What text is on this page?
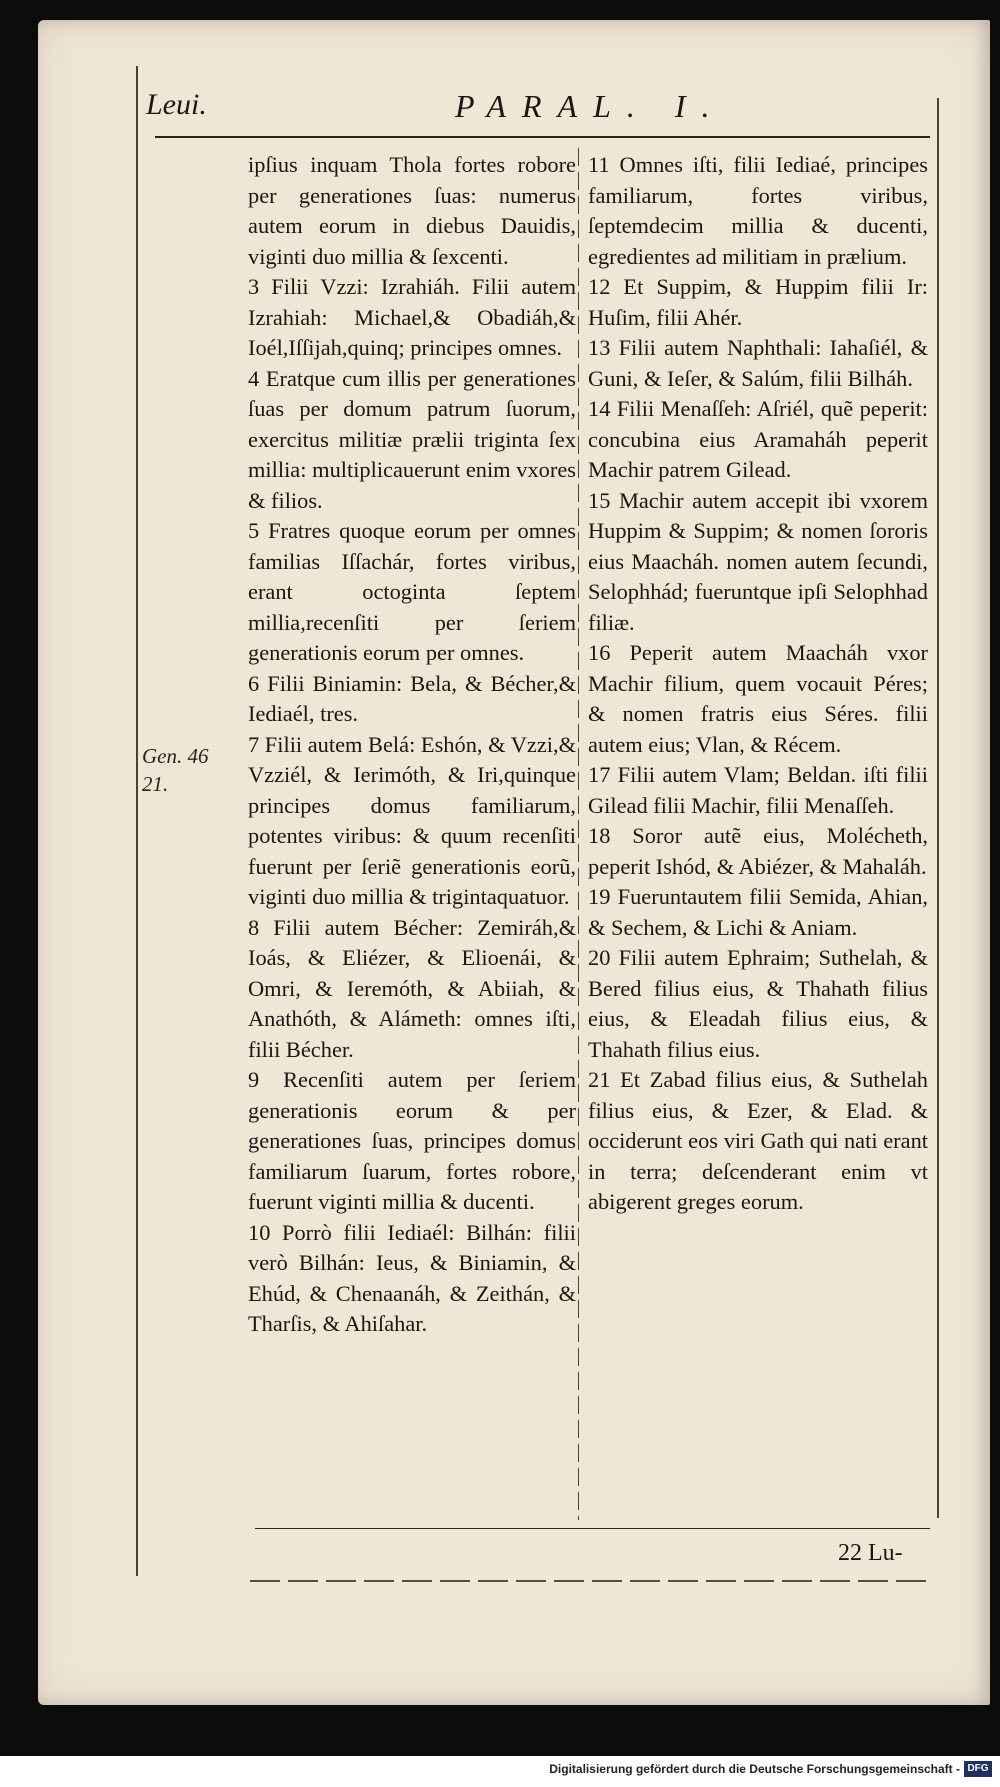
Leui.	PARAL. I.
Gen. 46
21.

ipſius inquam Thola fortes robore per generationes ſuas: numerus autem eorum in diebus Dauidis, viginti duo millia & ſexcenti.

3 Filii Vzzi: Izrahiáh. Filii autem Izrahiah: Michael,& Obadiáh,& Ioél,Iſſijah,quinq; principes omnes.

4 Eratque cum illis per generationes ſuas per domum patrum ſuorum, exercitus militiæ prælii triginta ſex millia: multiplicauerunt enim vxores & filios.

5 Fratres quoque eorum per omnes familias Iſſachár, fortes viribus, erant octoginta ſeptem millia,recenſiti per ſeriem generationis eorum per omnes.

6 Filii Biniamin: Bela, & Bécher,& Iediaél, tres.

7 Filii autem Belá: Eshón, & Vzzi,& Vzziél, & Ierimóth, & Iri,quinque principes domus familiarum, potentes viribus: & quum recenſiti fuerunt per ſeriẽ generationis eorũ, viginti duo millia & trigintaquatuor.

8 Filii autem Bécher: Zemiráh,& Ioás, & Eliézer, & Elioenái, & Omri, & Ieremóth, & Abiiah, & Anathóth, & Alámeth: omnes iſti, filii Bécher.

9 Recenſiti autem per ſeriem generationis eorum & per generationes ſuas, principes domus familiarum ſuarum, fortes robore, fuerunt viginti millia & ducenti.

10 Porrò filii Iediaél: Bilhán: filii verò Bilhán: Ieus, & Biniamin, & Ehúd, & Chenaanáh, & Zeithán, & Tharſis, & Ahiſahar.

11 Omnes iſti, filii Iediaé, principes familiarum, fortes viribus, ſeptemdecim millia & ducenti, egredientes ad militiam in prælium.

12 Et Suppim, & Huppim filii Ir: Huſim, filii Ahér.

13 Filii autem Naphthali: Iahaſiél, & Guni, & Ieſer, & Salúm, filii Bilháh.

14 Filii Menaſſeh: Aſriél, quẽ peperit: concubina eius Aramaháh peperit Machir patrem Gilead.

15 Machir autem accepit ibi vxorem Huppim & Suppim; & nomen ſororis eius Maacháh. nomen autem ſecundi, Selophhád; fueruntque ipſi Selophhad filiæ.

16 Peperit autem Maacháh vxor Machir filium, quem vocauit Péres; & nomen fratris eius Séres. filii autem eius; Vlan, & Récem.

17 Filii autem Vlam; Beldan. iſti filii Gilead filii Machir, filii Menaſſeh.

18 Soror autẽ eius, Molécheth, peperit Ishód, & Abiézer, & Mahaláh.

19 Fueruntautem filii Semida, Ahian, & Sechem, & Lichi & Aniam.

20 Filii autem Ephraim; Suthelah, & Bered filius eius, & Thahath filius eius, & Eleadah filius eius, & Thahath filius eius.

21 Et Zabad filius eius, & Suthelah filius eius, & Ezer, & Elad. & occiderunt eos viri Gath qui nati erant in terra; deſcenderant enim vt abigerent greges eorum.

22 Lu-
Digitalisierung gefördert durch die Deutsche Forschungsgemeinschaft - DFG
